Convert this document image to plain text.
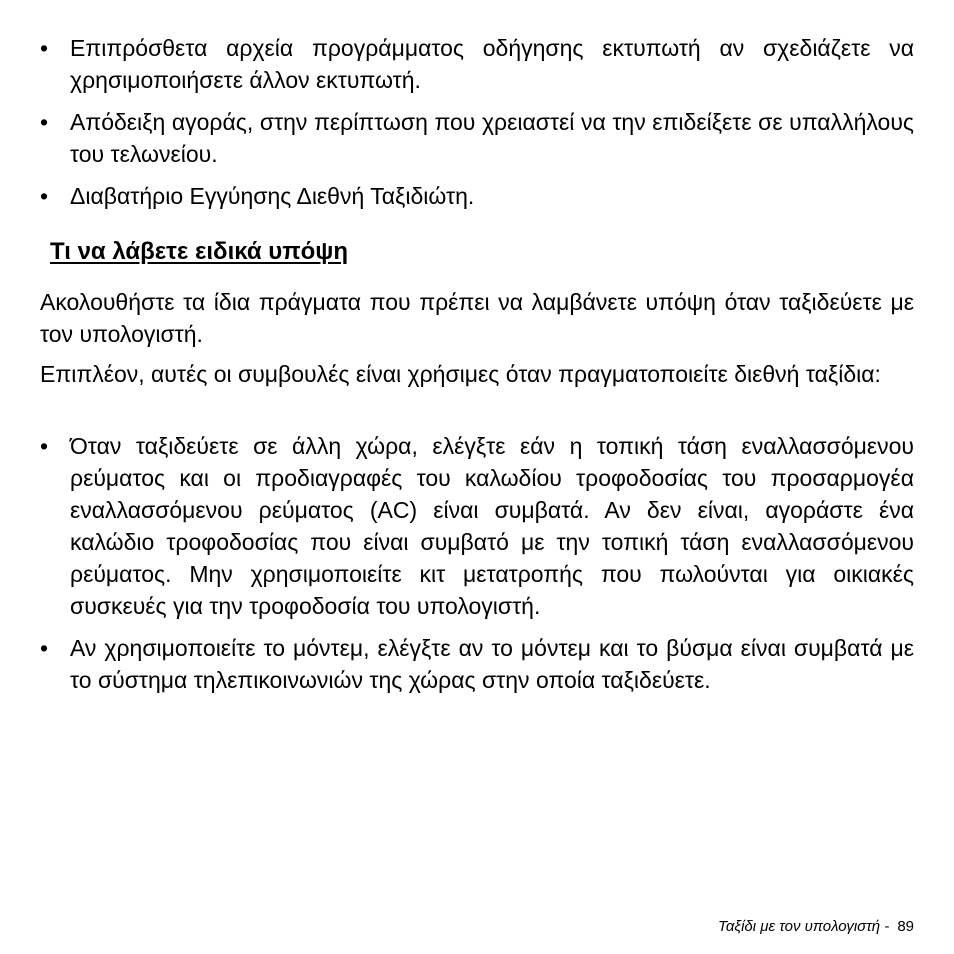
• Επιπρόσθετα αρχεία προγράμματος οδήγησης εκτυπωτή αν σχεδιάζετε να χρησιμοποιήσετε άλλον εκτυπωτή.
• Απόδειξη αγοράς, στην περίπτωση που χρειαστεί να την επιδείξετε σε υπαλλήλους του τελωνείου.
• Διαβατήριο Εγγύησης Διεθνή Ταξιδιώτη.
Τι να λάβετε ειδικά υπόψη

Ακολουθήστε τα ίδια πράγματα που πρέπει να λαμβάνετε υπόψη όταν ταξιδεύετε με τον υπολογιστή.

Επιπλέον, αυτές οι συμβουλές είναι χρήσιμες όταν πραγματοποιείτε διεθνή ταξίδια:

• Όταν ταξιδεύετε σε άλλη χώρα, ελέγξτε εάν η τοπική τάση εναλλασσόμενου ρεύματος και οι προδιαγραφές του καλωδίου τροφοδοσίας του προσαρμογέα εναλλασσόμενου ρεύματος (AC) είναι συμβατά. Αν δεν είναι, αγοράστε ένα καλώδιο τροφοδοσίας που είναι συμβατό με την τοπική τάση εναλλασσόμενου ρεύματος. Μην χρησιμοποιείτε κιτ μετατροπής που πωλούνται για οικιακές συσκευές για την τροφοδοσία του υπολογιστή.
• Αν χρησιμοποιείτε το μόντεμ, ελέγξτε αν το μόντεμ και το βύσμα είναι συμβατά με το σύστημα τηλεπικοινωνιών της χώρας στην οποία ταξιδεύετε.
Ταξίδι με τον υπολογιστή - 89
